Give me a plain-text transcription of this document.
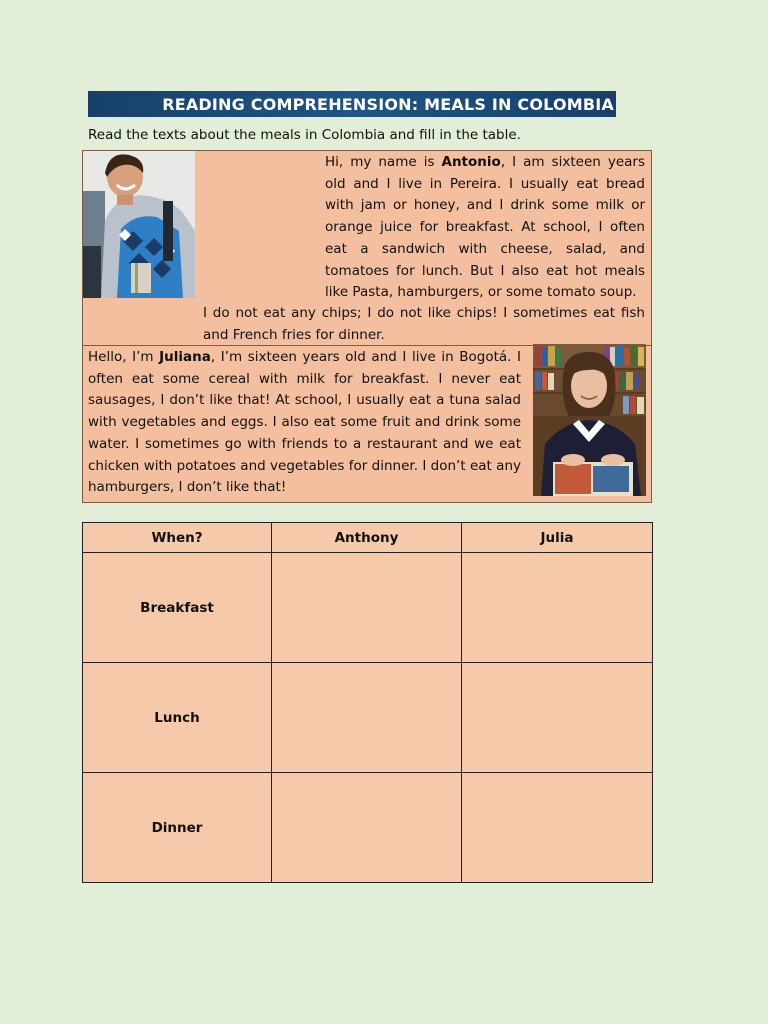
READING COMPREHENSION: MEALS IN COLOMBIA
Read the texts about the meals in Colombia and fill in the table.
Hi, my name is Antonio, I am sixteen years old and I live in Pereira. I usually eat bread with jam or honey, and I drink some milk or orange juice for breakfast. At school, I often eat a sandwich with cheese, salad, and tomatoes for lunch. But I also eat hot meals like Pasta, hamburgers, or some tomato soup.
I do not eat any chips; I do not like chips! I sometimes eat fish and French fries for dinner.
Hello, I’m Juliana, I’m sixteen years old and I live in Bogotá. I often eat some cereal with milk for breakfast. I never eat sausages, I don’t like that! At school, I usually eat a tuna salad with vegetables and eggs. I also eat some fruit and drink some water. I sometimes go with friends to a restaurant and we eat chicken with potatoes and vegetables for dinner. I don’t eat any hamburgers, I don’t like that!
When?	Anthony	Julia
Breakfast		
Lunch		
Dinner		
